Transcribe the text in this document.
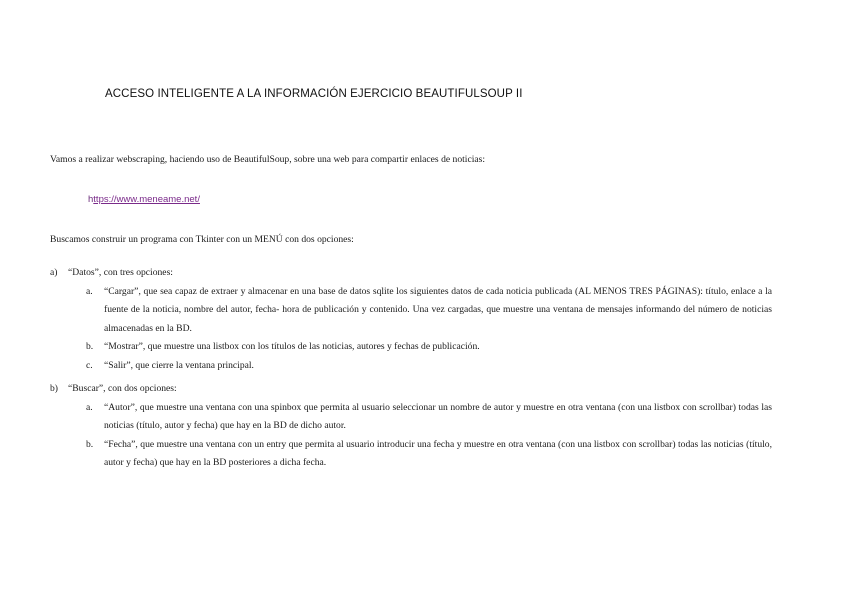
ACCESO INTELIGENTE A LA INFORMACIÓN EJERCICIO BEAUTIFULSOUP II
Vamos a realizar webscraping, haciendo uso de BeautifulSoup, sobre una web para compartir enlaces de noticias:
https://www.meneame.net/
Buscamos construir un programa con Tkinter con un MENÚ con dos opciones:
a) “Datos”, con tres opciones:
a. “Cargar”, que sea capaz de extraer y almacenar en una base de datos sqlite los siguientes datos de cada noticia publicada (AL MENOS TRES PÁGINAS): título, enlace a la fuente de la noticia, nombre del autor, fecha- hora de publicación y contenido. Una vez cargadas, que muestre una ventana de mensajes informando del número de noticias almacenadas en la BD.
b. “Mostrar”, que muestre una listbox con los títulos de las noticias, autores y fechas de publicación.
c. “Salir”, que cierre la ventana principal.
b) “Buscar”, con dos opciones:
a. “Autor”, que muestre una ventana con una spinbox que permita al usuario seleccionar un nombre de autor y muestre en otra ventana (con una listbox con scrollbar) todas las noticias (título, autor y fecha) que hay en la BD de dicho autor.
b. “Fecha”, que muestre una ventana con un entry que permita al usuario introducir una fecha y muestre en otra ventana (con una listbox con scrollbar) todas las noticias (título, autor y fecha) que hay en la BD posteriores a dicha fecha.
